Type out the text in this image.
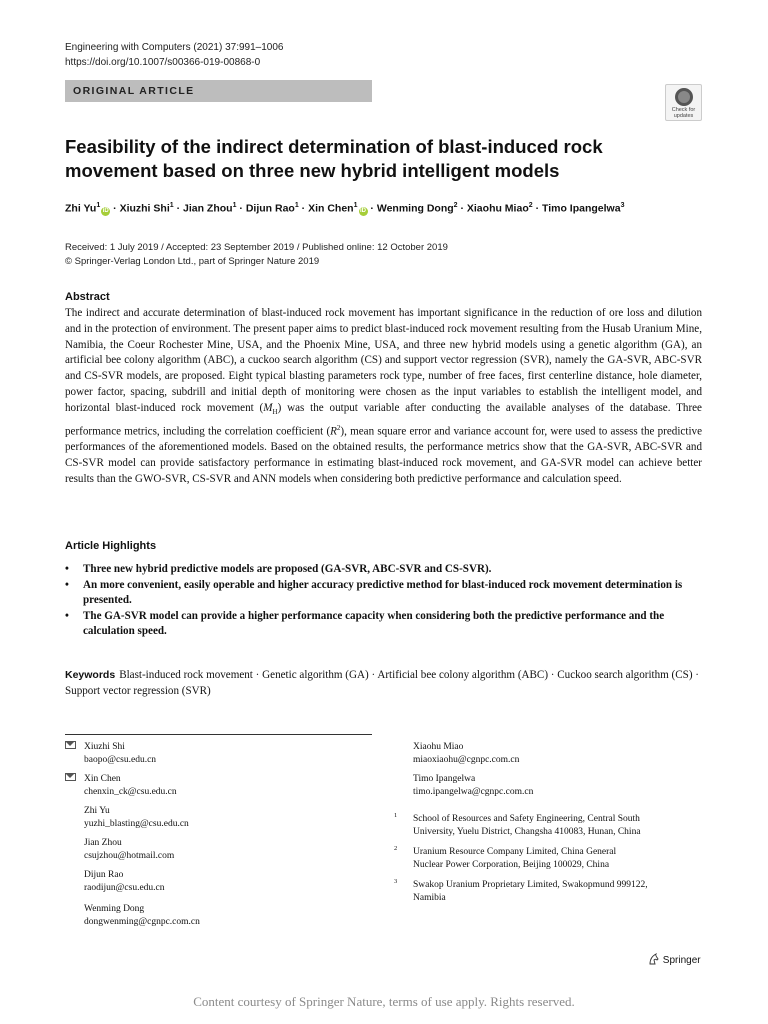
Engineering with Computers (2021) 37:991–1006
https://doi.org/10.1007/s00366-019-00868-0
ORIGINAL ARTICLE
Check for
updates
Feasibility of the indirect determination of blast-induced rock movement based on three new hybrid intelligent models
Zhi $Yu^1iD$ · Xiuzhi Shi$^1$ · Jian Zhou$^1$ · Dijun Rao$^1$ · Xin Chen$^1$iD · Wenming Dong$^2$ · Xiaohu Miao$^2$ · Timo Ipangelwa$^3$
Received: 1 July 2019 / Accepted: 23 September 2019 / Published online: 12 October 2019
© Springer-Verlag London Ltd., part of Springer Nature 2019
Abstract
The indirect and accurate determination of blast-induced rock movement has important significance in the reduction of ore loss and dilution and in the protection of environment. The present paper aims to predict blast-induced rock movement resulting from the Husab Uranium Mine, Namibia, the Coeur Rochester Mine, USA, and the Phoenix Mine, USA, and three new hybrid models using a genetic algorithm (GA), an artificial bee colony algorithm (ABC), a cuckoo search algorithm (CS) and support vector regression (SVR), namely the GA-SVR, ABC-SVR and CS-SVR models, are proposed. Eight typical blasting parameters rock type, number of free faces, first centerline distance, hole diameter, power factor, spacing, subdrill and initial depth of monitoring were chosen as the input variables to establish the intelligent model, and horizontal blast-induced rock movement $(M_H)$ was the output variable after conducting the available analyses of the database. Three performance metrics, including the correlation coefficient $(R^2)$, mean square error and variance account for, were used to assess the predictive performances of the aforementioned models. Based on the obtained results, the performance metrics show that the GA-SVR, ABC-SVR and CS-SVR model can provide satisfactory performance in estimating blast-induced rock movement, and GA-SVR model can achieve better results than the GWO-SVR, CS-SVR and ANN models when considering both predictive performance and calculation speed.
Article Highlights
• Three new hybrid predictive models are proposed (GA-SVR, ABC-SVR and CS-SVR).
• An more convenient, easily operable and higher accuracy predictive method for blast-induced rock movement determination is presented.
• The GA-SVR model can provide a higher performance capacity when considering both the predictive performance and the calculation speed.
Keywords Blast-induced rock movement · Genetic algorithm (GA) · Artificial bee colony algorithm (ABC) · Cuckoo search algorithm (CS) · Support vector regression (SVR)
Xiuzhi Shi
baopo@csu.edu.cn
Xin Chen
chenxin_ck@csu.edu.cn
Zhi Yu
yuzhi_blasting@csu.edu.cn
Jian Zhou
csujzhou@hotmail.com
Dijun Rao
raodijun@csu.edu.cn
Wenming Dong
dongwenming@cgnpc.com.cn
Xiaohu Miao
miaoxiaohu@cgnpc.com.cn
Timo Ipangelwa
timo.ipangelwa@cgnpc.com.cn
1 School of Resources and Safety Engineering, Central South
University, Yuelu District, Changsha 410083, Hunan, China
2 Uranium Resource Company Limited, China General
Nuclear Power Corporation, Beijing 100029, China
3 Swakop Uranium Proprietary Limited, Swakopmund 999122,
Namibia
Springer
Content courtesy of Springer Nature, terms of use apply. Rights reserved.
